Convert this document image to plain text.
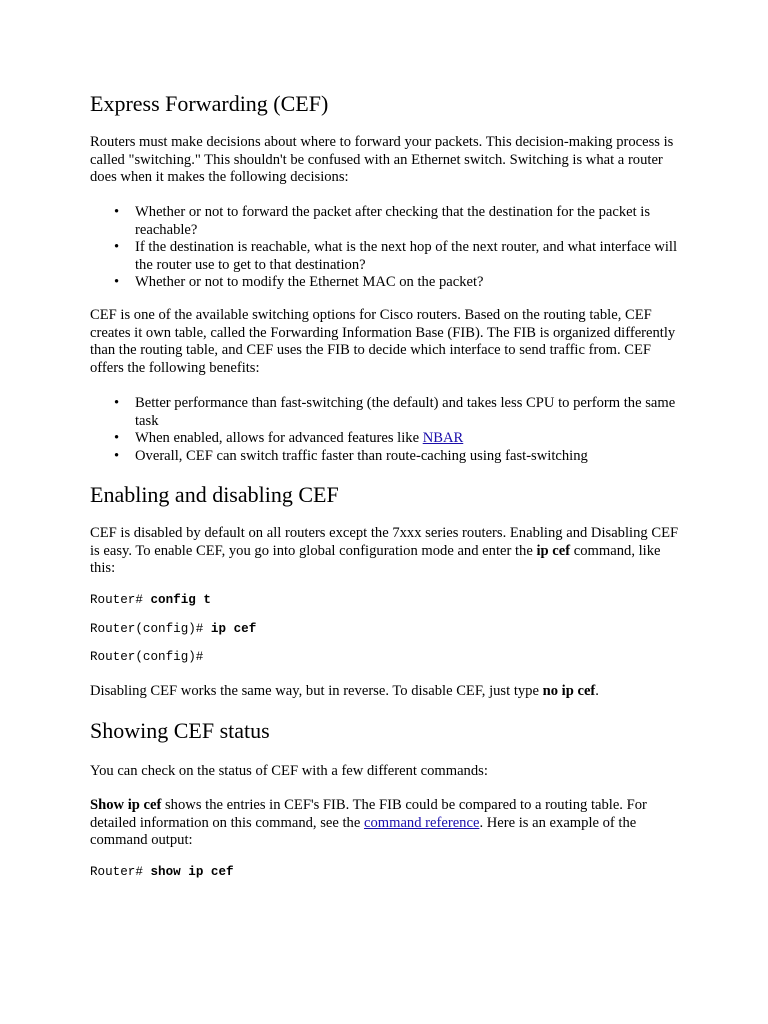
Express Forwarding (CEF)

Routers must make decisions about where to forward your packets. This decision-making process is called "switching." This shouldn't be confused with an Ethernet switch. Switching is what a router does when it makes the following decisions:

• Whether or not to forward the packet after checking that the destination for the packet is reachable?
• If the destination is reachable, what is the next hop of the next router, and what interface will the router use to get to that destination?
• Whether or not to modify the Ethernet MAC on the packet?

CEF is one of the available switching options for Cisco routers. Based on the routing table, CEF creates it own table, called the Forwarding Information Base (FIB). The FIB is organized differently than the routing table, and CEF uses the FIB to decide which interface to send traffic from. CEF offers the following benefits:

• Better performance than fast-switching (the default) and takes less CPU to perform the same task
• When enabled, allows for advanced features like NBAR
• Overall, CEF can switch traffic faster than route-caching using fast-switching
Enabling and disabling CEF

CEF is disabled by default on all routers except the 7xxx series routers. Enabling and Disabling CEF is easy. To enable CEF, you go into global configuration mode and enter the ip cef command, like this:

Router# config t
Router(config)# ip cef
Router(config)#

Disabling CEF works the same way, but in reverse. To disable CEF, just type no ip cef.

Showing CEF status

You can check on the status of CEF with a few different commands:

Show ip cef shows the entries in CEF's FIB. The FIB could be compared to a routing table. For detailed information on this command, see the command reference. Here is an example of the command output:

Router# show ip cef
